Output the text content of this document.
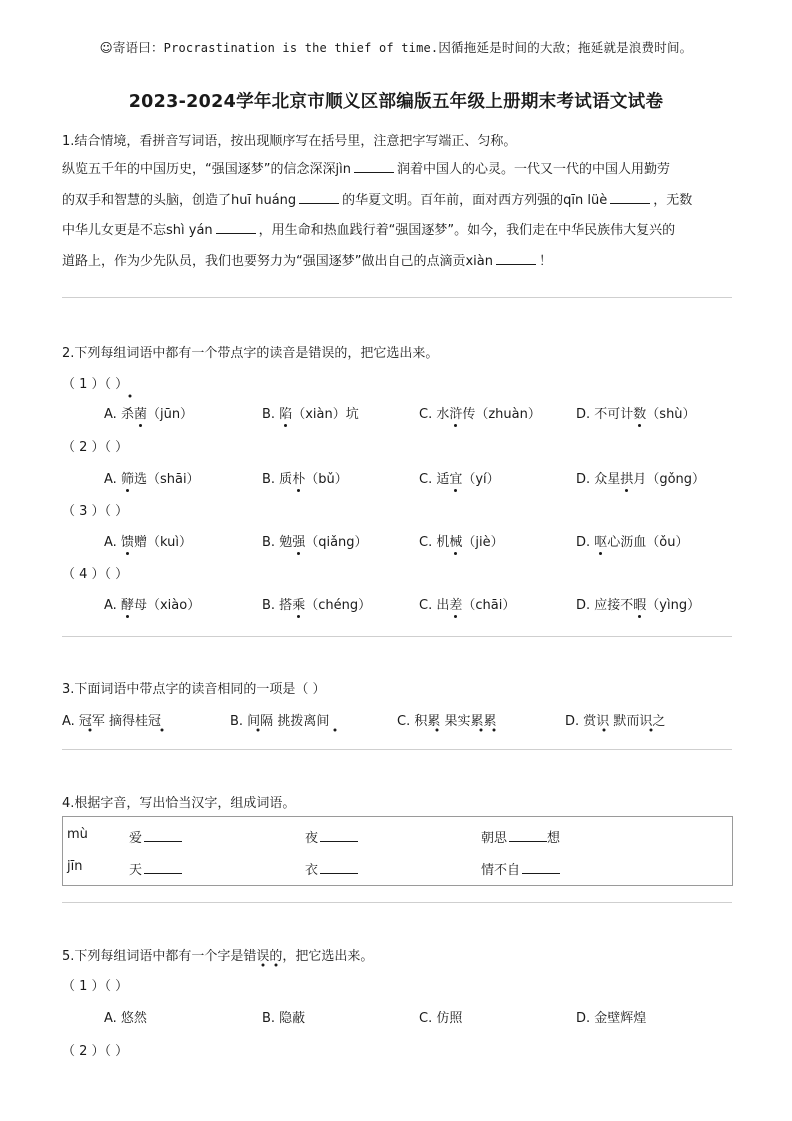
☺寄语曰：Procrastination is the thief of time.因循拖延是时间的大敌；拖延就是浪费时间。
2023-2024学年北京市顺义区部编版五年级上册期末考试语文试卷
1.结合情境，看拼音写词语，按出现顺序写在括号里，注意把字写端正、匀称。
纵览五千年的中国历史，“强国逐梦”的信念深深jìn	润着中国人的心灵。一代又一代的中国人用勤劳
的双手和智慧的头脑，创造了huī huáng	的华夏文明。百年前，面对西方列强的qīn lüè	，无数
中华儿女更是不忘shì yán	，用生命和热血践行着“强国逐梦”。如今，我们走在中华民族伟大复兴的
道路上，作为少先队员，我们也要努力为“强国逐梦”做出自己的点滴贡xiàn	！
2.下列每组词语中都有一个带点字的读音是错误的，把它选出来。
（ 1 ）（ ）
A. 杀菌（jūn）	B. 陷（xiàn）坑	C. 水浒传（zhuàn）	D. 不可计数（shù）
（ 2 ）（ ）
A. 筛选（shāi）	B. 质朴（bǔ）	C. 适宜（yí）	D. 众星拱月（gǒng）
（ 3 ）（ ）
A. 馈赠（kuì）	B. 勉强（qiǎng）	C. 机械（jiè）	D. 呕心沥血（ǒu）
（ 4 ）（ ）
A. 酵母（xiào）	B. 搭乘（chéng）	C. 出差（chāi）	D. 应接不暇（yìng）
3.下面词语中带点字的读音相同的一项是（ ）
A. 冠军 摘得桂冠	B. 间隔 挑拨离间	C. 积累 果实累累	D. 赏识 默而识之
4.根据字音，写出恰当汉字，组成词语。
mù	爱	夜	朝思	想
jīn	天	衣	情不自
5.下列每组词语中都有一个字是错误的，把它选出来。
（ 1 ）（ ）
A. 悠然	B. 隐蔽	C. 仿照	D. 金壁辉煌
（ 2 ）（ ）
